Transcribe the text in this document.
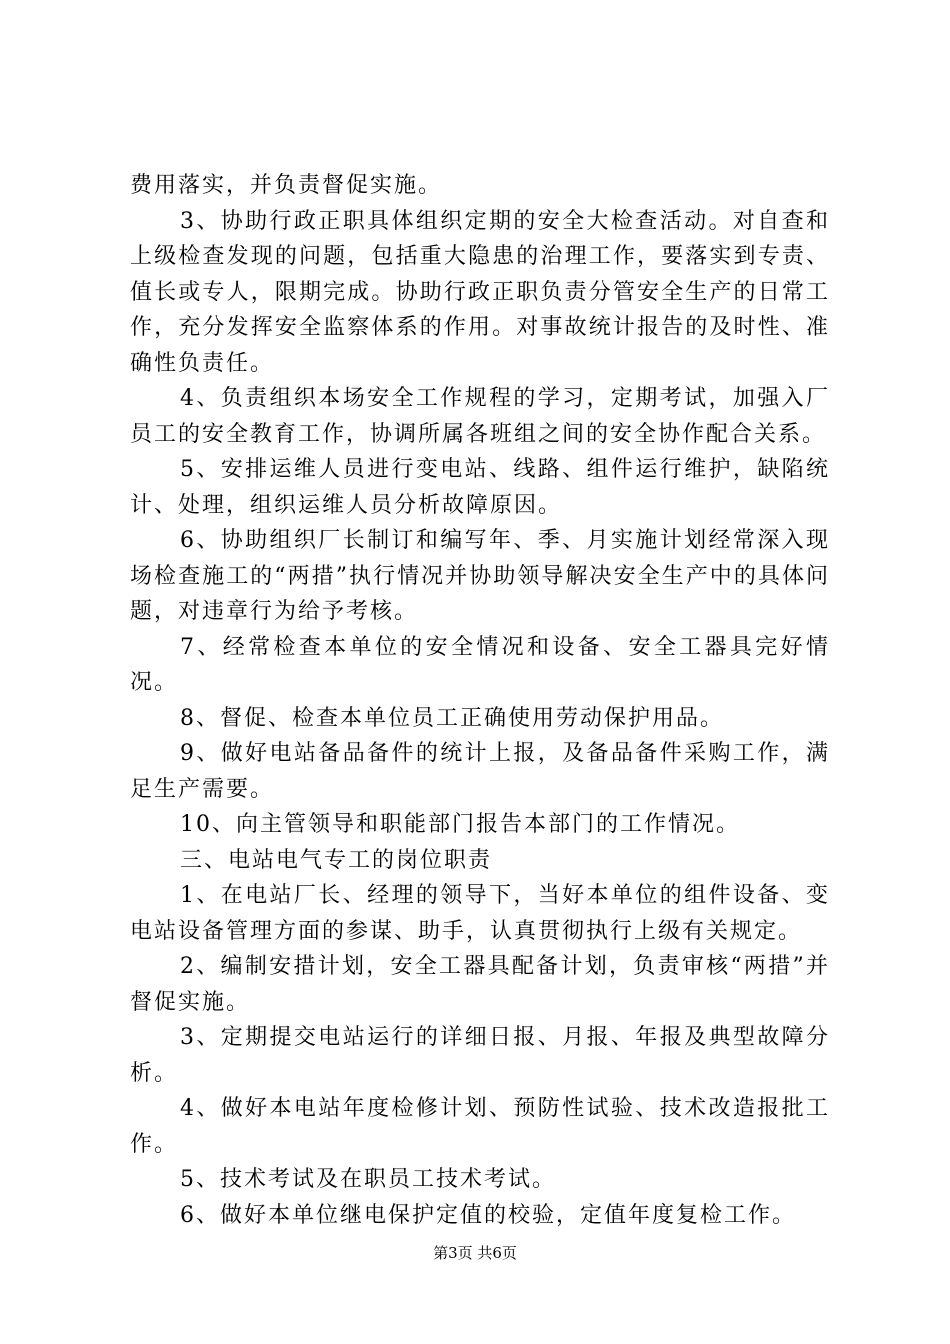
费用落实，并负责督促实施。

3、协助行政正职具体组织定期的安全大检查活动。对自查和上级检查发现的问题，包括重大隐患的治理工作，要落实到专责、值长或专人，限期完成。协助行政正职负责分管安全生产的日常工作，充分发挥安全监察体系的作用。对事故统计报告的及时性、准确性负责任。

4、负责组织本场安全工作规程的学习，定期考试，加强入厂员工的安全教育工作，协调所属各班组之间的安全协作配合关系。

5、安排运维人员进行变电站、线路、组件运行维护，缺陷统计、处理，组织运维人员分析故障原因。

6、协助组织厂长制订和编写年、季、月实施计划经常深入现场检查施工的“两措”执行情况并协助领导解决安全生产中的具体问题，对违章行为给予考核。

7、经常检查本单位的安全情况和设备、安全工器具完好情况。

8、督促、检查本单位员工正确使用劳动保护用品。

9、做好电站备品备件的统计上报，及备品备件采购工作，满足生产需要。

10、向主管领导和职能部门报告本部门的工作情况。

三、电站电气专工的岗位职责

1、在电站厂长、经理的领导下，当好本单位的组件设备、变电站设备管理方面的参谋、助手，认真贯彻执行上级有关规定。

2、编制安措计划，安全工器具配备计划，负责审核“两措”并督促实施。

3、定期提交电站运行的详细日报、月报、年报及典型故障分析。

4、做好本电站年度检修计划、预防性试验、技术改造报批工作。

5、技术考试及在职员工技术考试。

6、做好本单位继电保护定值的校验，定值年度复检工作。

第3页 共6页
